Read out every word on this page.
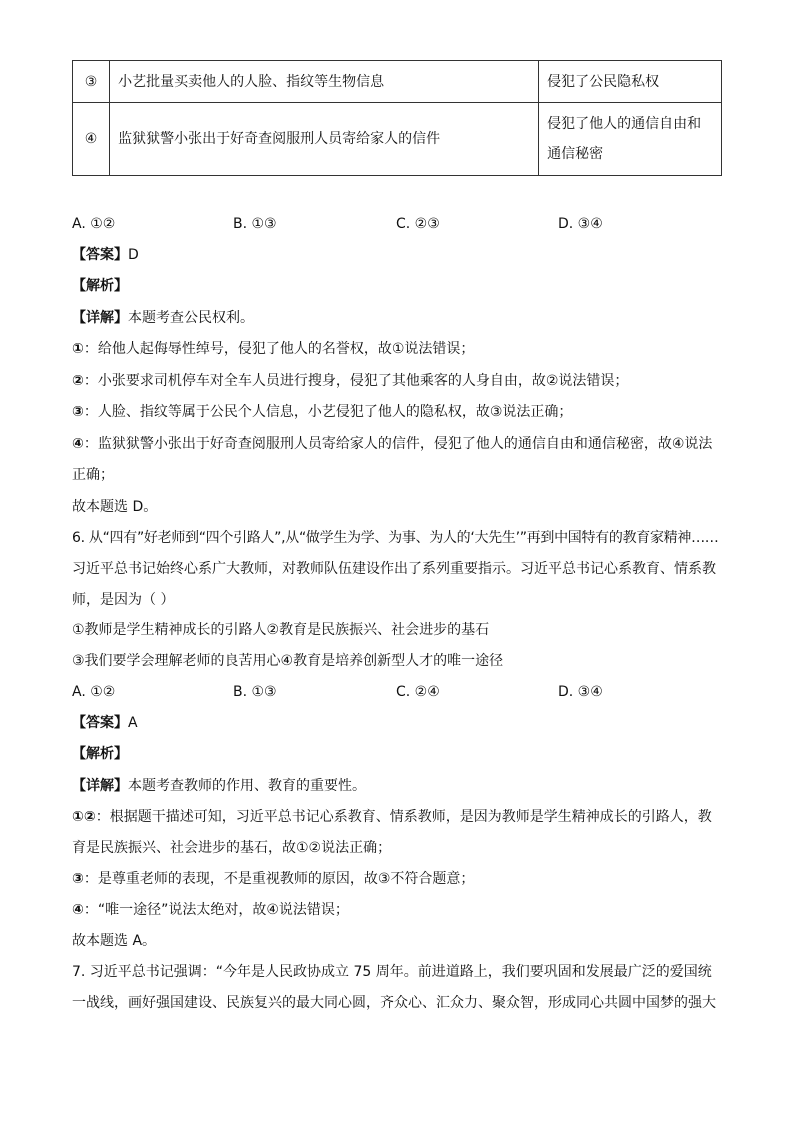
③	小艺批量买卖他人的人脸、指纹等生物信息	侵犯了公民隐私权
④	监狱狱警小张出于好奇查阅服刑人员寄给家人的信件	侵犯了他人的通信自由和通信秘密
A. ①②	B. ①③	C. ②③	D. ③④
【答案】D
【解析】
【详解】本题考查公民权利。
①：给他人起侮辱性绰号，侵犯了他人的名誉权，故①说法错误；
②：小张要求司机停车对全车人员进行搜身，侵犯了其他乘客的人身自由，故②说法错误；
③：人脸、指纹等属于公民个人信息，小艺侵犯了他人的隐私权，故③说法正确；
④：监狱狱警小张出于好奇查阅服刑人员寄给家人的信件，侵犯了他人的通信自由和通信秘密，故④说法
正确；
故本题选 D。
6. 从“四有”好老师到“四个引路人”,从“做学生为学、为事、为人的‘大先生’”再到中国特有的教育家精神……
习近平总书记始终心系广大教师，对教师队伍建设作出了系列重要指示。习近平总书记心系教育、情系教
师，是因为（ ）
①教师是学生精神成长的引路人②教育是民族振兴、社会进步的基石
③我们要学会理解老师的良苦用心④教育是培养创新型人才的唯一途径
A. ①②	B. ①③	C. ②④	D. ③④
【答案】A
【解析】
【详解】本题考查教师的作用、教育的重要性。
①②：根据题干描述可知，习近平总书记心系教育、情系教师，是因为教师是学生精神成长的引路人，教
育是民族振兴、社会进步的基石，故①②说法正确；
③：是尊重老师的表现，不是重视教师的原因，故③不符合题意；
④：“唯一途径”说法太绝对，故④说法错误；
故本题选 A。
7. 习近平总书记强调：“今年是人民政协成立 75 周年。前进道路上，我们要巩固和发展最广泛的爱国统
一战线，画好强国建设、民族复兴的最大同心圆，齐众心、汇众力、聚众智，形成同心共圆中国梦的强大
